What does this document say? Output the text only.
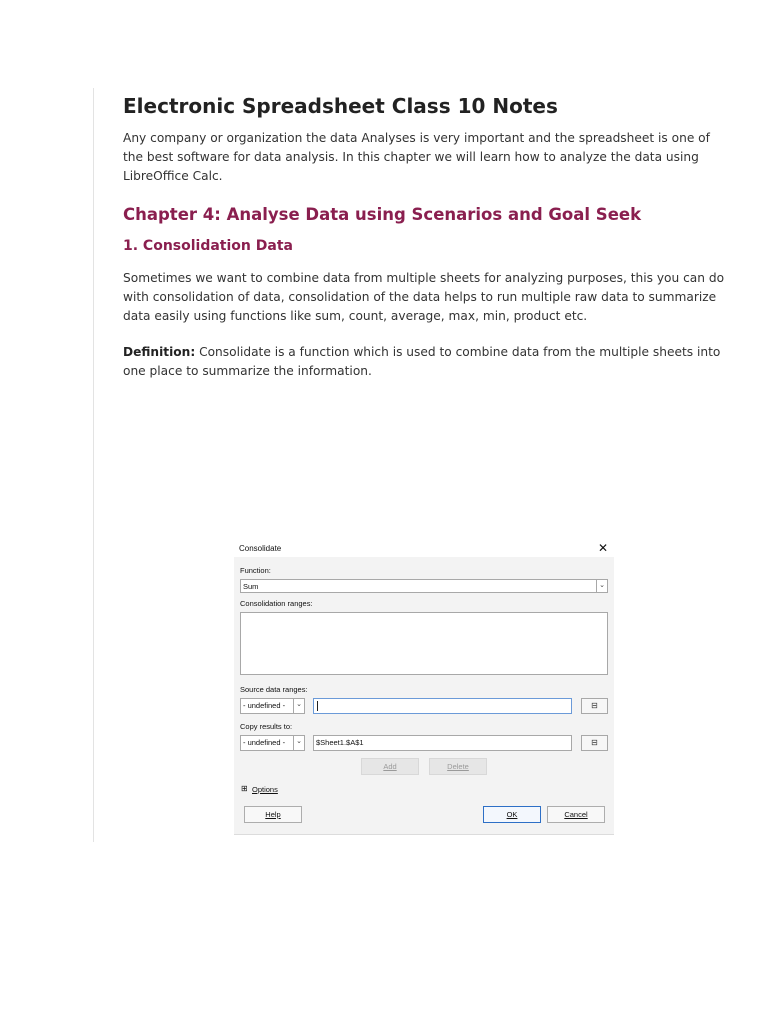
Electronic Spreadsheet Class 10 Notes

Any company or organization the data Analyses is very important and the spreadsheet is one of the best software for data analysis. In this chapter we will learn how to analyze the data using LibreOffice Calc.

Chapter 4: Analyse Data using Scenarios and Goal Seek
1. Consolidation Data

Sometimes we want to combine data from multiple sheets for analyzing purposes, this you can do with consolidation of data, consolidation of the data helps to run multiple raw data to summarize data easily using functions like sum, count, average, max, min, product etc.

Definition: Consolidate is a function which is used to combine data from the multiple sheets into one place to summarize the information.

Consolidate	✕
Function:
Sum	⌄
Consolidation ranges:
Source data ranges:
- undefined -	⌄	⊟
Copy results to:
- undefined -	⌄ $Sheet1.$A$1	⊟
Add	Delete
⊞ Options
Help	OK	Cancel
